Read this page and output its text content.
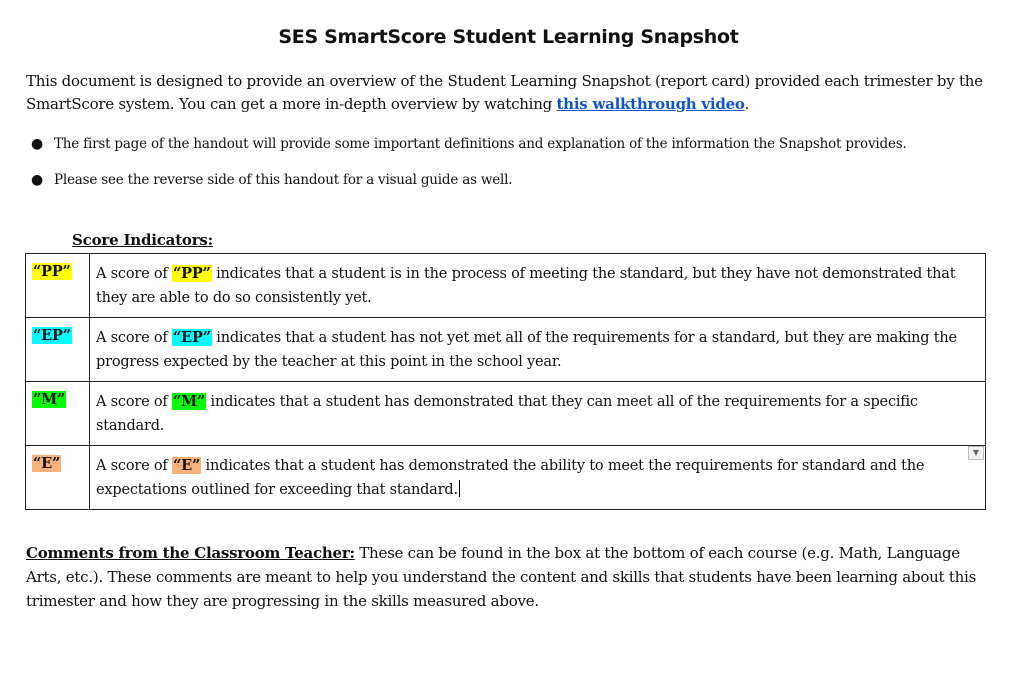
SES SmartScore Student Learning Snapshot
This document is designed to provide an overview of the Student Learning Snapshot (report card) provided each trimester by the SmartScore system. You can get a more in-depth overview by watching this walkthrough video.
● The first page of the handout will provide some important definitions and explanation of the information the Snapshot provides.
● Please see the reverse side of this handout for a visual guide as well.
Score Indicators:
“PP”	A score of “PP” indicates that a student is in the process of meeting the standard, but they have not demonstrated that they are able to do so consistently yet.
“EP”	A score of “EP” indicates that a student has not yet met all of the requirements for a standard, but they are making the progress expected by the teacher at this point in the school year.
“M”	A score of “M” indicates that a student has demonstrated that they can meet all of the requirements for a specific standard.
“E”	A score of “E” indicates that a student has demonstrated the ability to meet the requirements for standard and the expectations outlined for exceeding that standard.
▼
Comments from the Classroom Teacher: These can be found in the box at the bottom of each course (e.g. Math, Language Arts, etc.). These comments are meant to help you understand the content and skills that students have been learning about this trimester and how they are progressing in the skills measured above.
